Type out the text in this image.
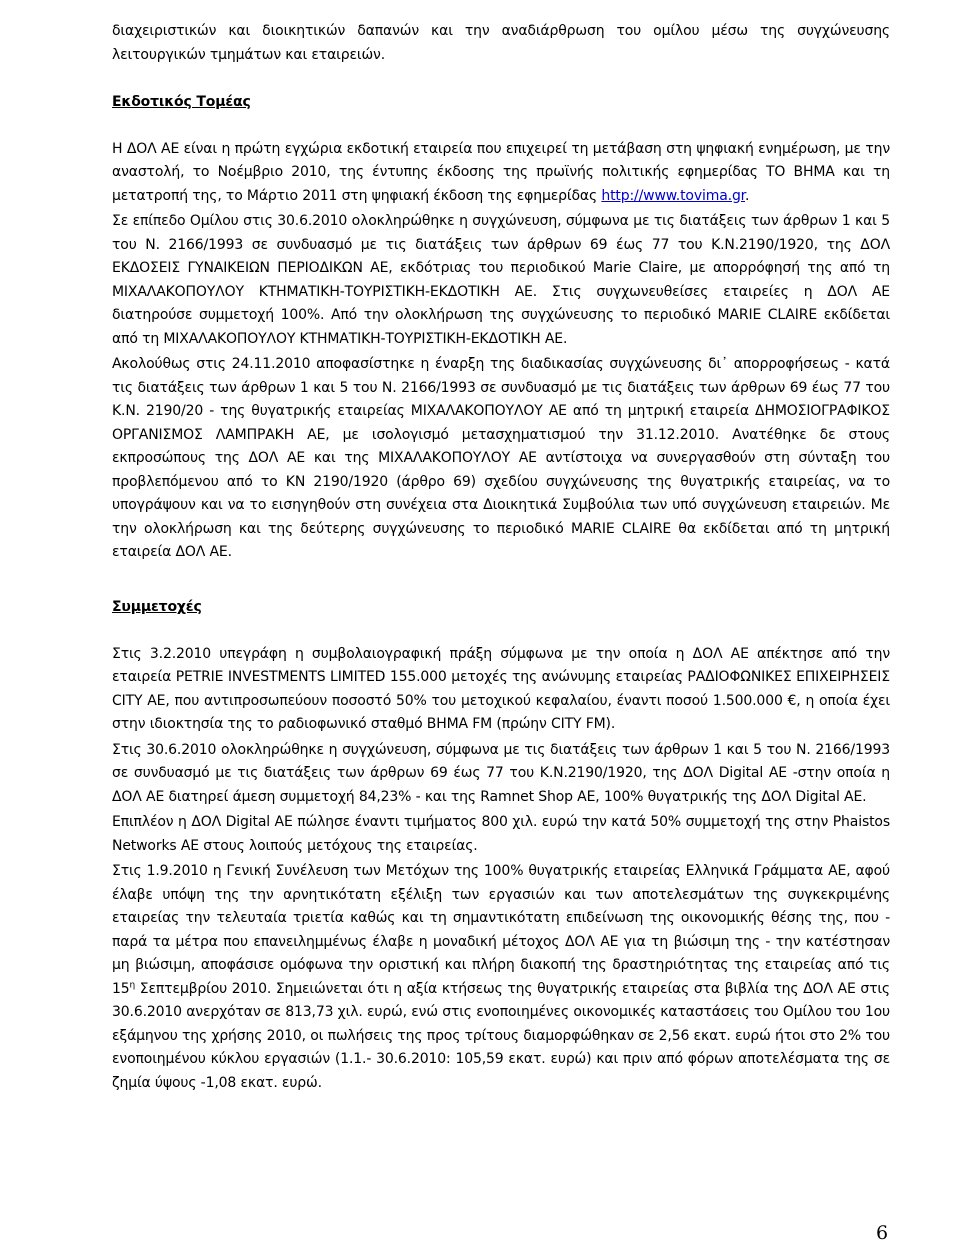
διαχειριστικών και διοικητικών δαπανών και την αναδιάρθρωση του ομίλου μέσω της συγχώνευσης λειτουργικών τμημάτων και εταιρειών.

Εκδοτικός Τομέας

Η ΔΟΛ ΑΕ είναι η πρώτη εγχώρια εκδοτική εταιρεία που επιχειρεί τη μετάβαση στη ψηφιακή ενημέρωση, με την αναστολή, το Νοέμβριο 2010, της έντυπης έκδοσης της πρωϊνής πολιτικής εφημερίδας ΤΟ ΒΗΜΑ και τη μετατροπή της, το Μάρτιο 2011 στη ψηφιακή έκδοση της εφημερίδας http://www.tovima.gr.

Σε επίπεδο Ομίλου στις 30.6.2010 ολοκληρώθηκε η συγχώνευση, σύμφωνα με τις διατάξεις των άρθρων 1 και 5 του Ν. 2166/1993 σε συνδυασμό με τις διατάξεις των άρθρων 69 έως 77 του Κ.Ν.2190/1920, της ΔΟΛ ΕΚΔΟΣΕΙΣ ΓΥΝΑΙΚΕΙΩΝ ΠΕΡΙΟΔΙΚΩΝ ΑΕ, εκδότριας του περιοδικού Marie Claire, με απορρόφησή της από τη ΜΙΧΑΛΑΚΟΠΟΥΛΟΥ ΚΤΗΜΑΤΙΚΗ-ΤΟΥΡΙΣΤΙΚΗ-ΕΚΔΟΤΙΚΗ ΑΕ. Στις συγχωνευθείσες εταιρείες η ΔΟΛ ΑΕ διατηρούσε συμμετοχή 100%. Από την ολοκλήρωση της συγχώνευσης το περιοδικό MARIE CLAIRE εκδίδεται από τη ΜΙΧΑΛΑΚΟΠΟΥΛΟΥ ΚΤΗΜΑΤΙΚΗ-ΤΟΥΡΙΣΤΙΚΗ-ΕΚΔΟΤΙΚΗ ΑΕ.

Ακολούθως στις 24.11.2010 αποφασίστηκε η έναρξη της διαδικασίας συγχώνευσης δι᾽ απορροφήσεως - κατά τις διατάξεις των άρθρων 1 και 5 του Ν. 2166/1993 σε συνδυασμό με τις διατάξεις των άρθρων 69 έως 77 του Κ.Ν. 2190/20 - της θυγατρικής εταιρείας ΜΙΧΑΛΑΚΟΠΟΥΛΟΥ ΑΕ από τη μητρική εταιρεία ΔΗΜΟΣΙΟΓΡΑΦΙΚΟΣ ΟΡΓΑΝΙΣΜΟΣ ΛΑΜΠΡΑΚΗ ΑΕ, με ισολογισμό μετασχηματισμού την 31.12.2010. Ανατέθηκε δε στους εκπροσώπους της ΔΟΛ ΑΕ και της ΜΙΧΑΛΑΚΟΠΟΥΛΟΥ ΑΕ αντίστοιχα να συνεργασθούν στη σύνταξη του προβλεπόμενου από το ΚΝ 2190/1920 (άρθρο 69) σχεδίου συγχώνευσης της θυγατρικής εταιρείας, να το υπογράψουν και να το εισηγηθούν στη συνέχεια στα Διοικητικά Συμβούλια των υπό συγχώνευση εταιρειών. Με την ολοκλήρωση και της δεύτερης συγχώνευσης το περιοδικό MARIE CLAIRE θα εκδίδεται από τη μητρική εταιρεία ΔΟΛ ΑΕ.

Συμμετοχές

Στις 3.2.2010 υπεγράφη η συμβολαιογραφική πράξη σύμφωνα με την οποία η ΔΟΛ ΑΕ απέκτησε από την εταιρεία PETRIE INVESTMENTS LIMITED 155.000 μετοχές της ανώνυμης εταιρείας ΡΑΔΙΟΦΩΝΙΚΕΣ ΕΠΙΧΕΙΡΗΣΕΙΣ CITY AE, που αντιπροσωπεύουν ποσοστό 50% του μετοχικού κεφαλαίου, έναντι ποσού 1.500.000 €, η οποία έχει στην ιδιοκτησία της το ραδιοφωνικό σταθμό ΒΗΜΑ FM (πρώην CITY FM).

Στις 30.6.2010 ολοκληρώθηκε η συγχώνευση, σύμφωνα με τις διατάξεις των άρθρων 1 και 5 του Ν. 2166/1993 σε συνδυασμό με τις διατάξεις των άρθρων 69 έως 77 του Κ.Ν.2190/1920, της ΔΟΛ Digital AE -στην οποία η ΔΟΛ ΑΕ διατηρεί άμεση συμμετοχή 84,23% - και της Ramnet Shop AE, 100% θυγατρικής της ΔΟΛ Digital AE.

Επιπλέον η ΔΟΛ Digital AE πώλησε έναντι τιμήματος 800 χιλ. ευρώ την κατά 50% συμμετοχή της στην Phaistos Networks AE στους λοιπούς μετόχους της εταιρείας.

Στις 1.9.2010 η Γενική Συνέλευση των Μετόχων της 100% θυγατρικής εταιρείας Ελληνικά Γράμματα ΑΕ, αφού έλαβε υπόψη της την αρνητικότατη εξέλιξη των εργασιών και των αποτελεσμάτων της συγκεκριμένης εταιρείας την τελευταία τριετία καθώς και τη σημαντικότατη επιδείνωση της οικονομικής θέσης της, που - παρά τα μέτρα που επανειλημμένως έλαβε η μοναδική μέτοχος ΔΟΛ ΑΕ για τη βιώσιμη της - την κατέστησαν μη βιώσιμη, αποφάσισε ομόφωνα την οριστική και πλήρη διακοπή της δραστηριότητας της εταιρείας από τις $15^\eta$ Σεπτεμβρίου 2010. Σημειώνεται ότι η αξία κτήσεως της θυγατρικής εταιρείας στα βιβλία της ΔΟΛ ΑΕ στις 30.6.2010 ανερχόταν σε 813,73 χιλ. ευρώ, ενώ στις ενοποιημένες οικονομικές καταστάσεις του Ομίλου του 1ου εξάμηνου της χρήσης 2010, οι πωλήσεις της προς τρίτους διαμορφώθηκαν σε 2,56 εκατ. ευρώ ήτοι στο 2% του ενοποιημένου κύκλου εργασιών (1.1.- 30.6.2010: 105,59 εκατ. ευρώ) και πριν από φόρων αποτελέσματα της σε ζημία ύψους -1,08 εκατ. ευρώ.

6
